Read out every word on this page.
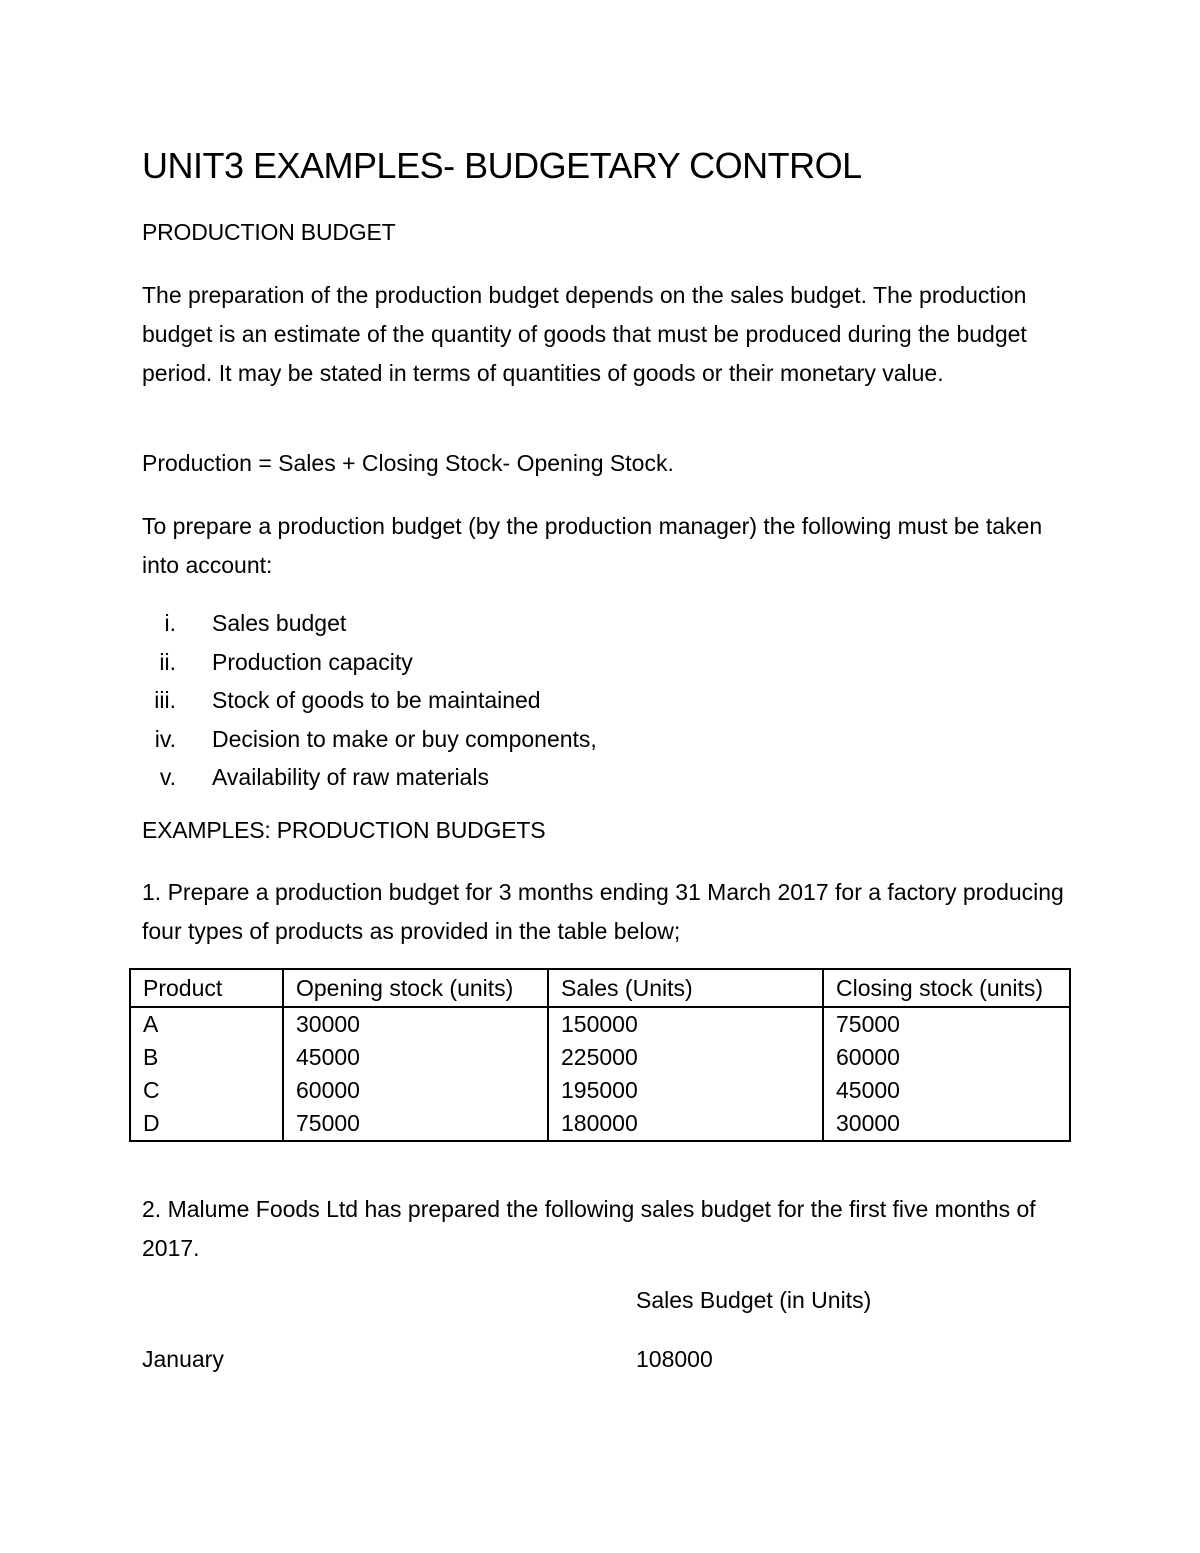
UNIT3 EXAMPLES- BUDGETARY CONTROL
PRODUCTION BUDGET
The preparation of the production budget depends on the sales budget. The production budget is an estimate of the quantity of goods that must be produced during the budget period. It may be stated in terms of quantities of goods or their monetary value.
Production = Sales + Closing Stock- Opening Stock.
To prepare a production budget (by the production manager) the following must be taken into account:
i. Sales budget
ii. Production capacity
iii. Stock of goods to be maintained
iv. Decision to make or buy components,
v. Availability of raw materials
EXAMPLES: PRODUCTION BUDGETS
1. Prepare a production budget for 3 months ending 31 March 2017 for a factory producing four types of products as provided in the table below;
Product	Opening stock (units)	Sales (Units)	Closing stock (units)
A	30000	150000	75000
B	45000	225000	60000
C	60000	195000	45000
D	75000	180000	30000
2. Malume Foods Ltd has prepared the following sales budget for the first five months of 2017.
Sales Budget (in Units)
January	108000
